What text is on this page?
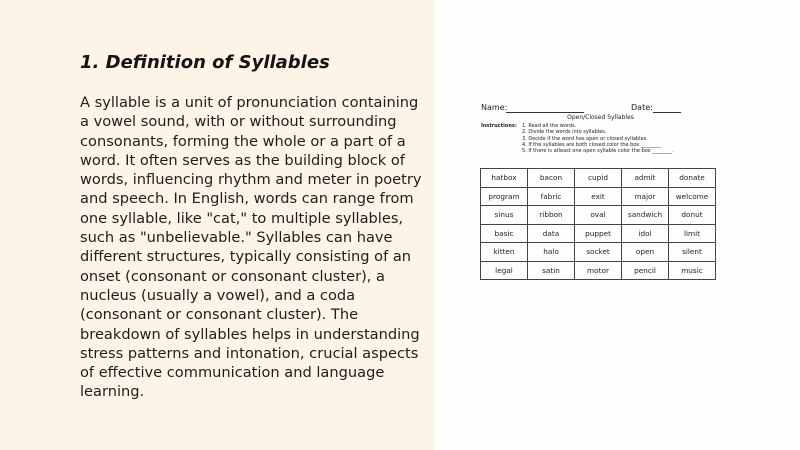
1. Definition of Syllables

A syllable is a unit of pronunciation containing a vowel sound, with or without surrounding consonants, forming the whole or a part of a word. It often serves as the building block of words, influencing rhythm and meter in poetry and speech. In English, words can range from one syllable, like "cat," to multiple syllables, such as "unbelievable." Syllables can have different structures, typically consisting of an onset (consonant or consonant cluster), a nucleus (usually a vowel), and a coda (consonant or consonant cluster). The breakdown of syllables helps in understanding stress patterns and intonation, crucial aspects of effective communication and language learning.

Name:	Date:
Open/Closed Syllables
Instructions: 1. Read all the words.
2. Divide the words into syllables.
3. Decide if the word has open or closed syllables.
4. If the syllables are both closed color the box ________
5. If there is atleast one open syllable color the box ________.
hatbox	bacon	cupid	admit	donate
program	fabric	exit	major	welcome
sinus	ribbon	oval	sandwich	donut
basic	data	puppet	idol	limit
kitten	halo	socket	open	silent
legal	satin	motor	pencil	music
